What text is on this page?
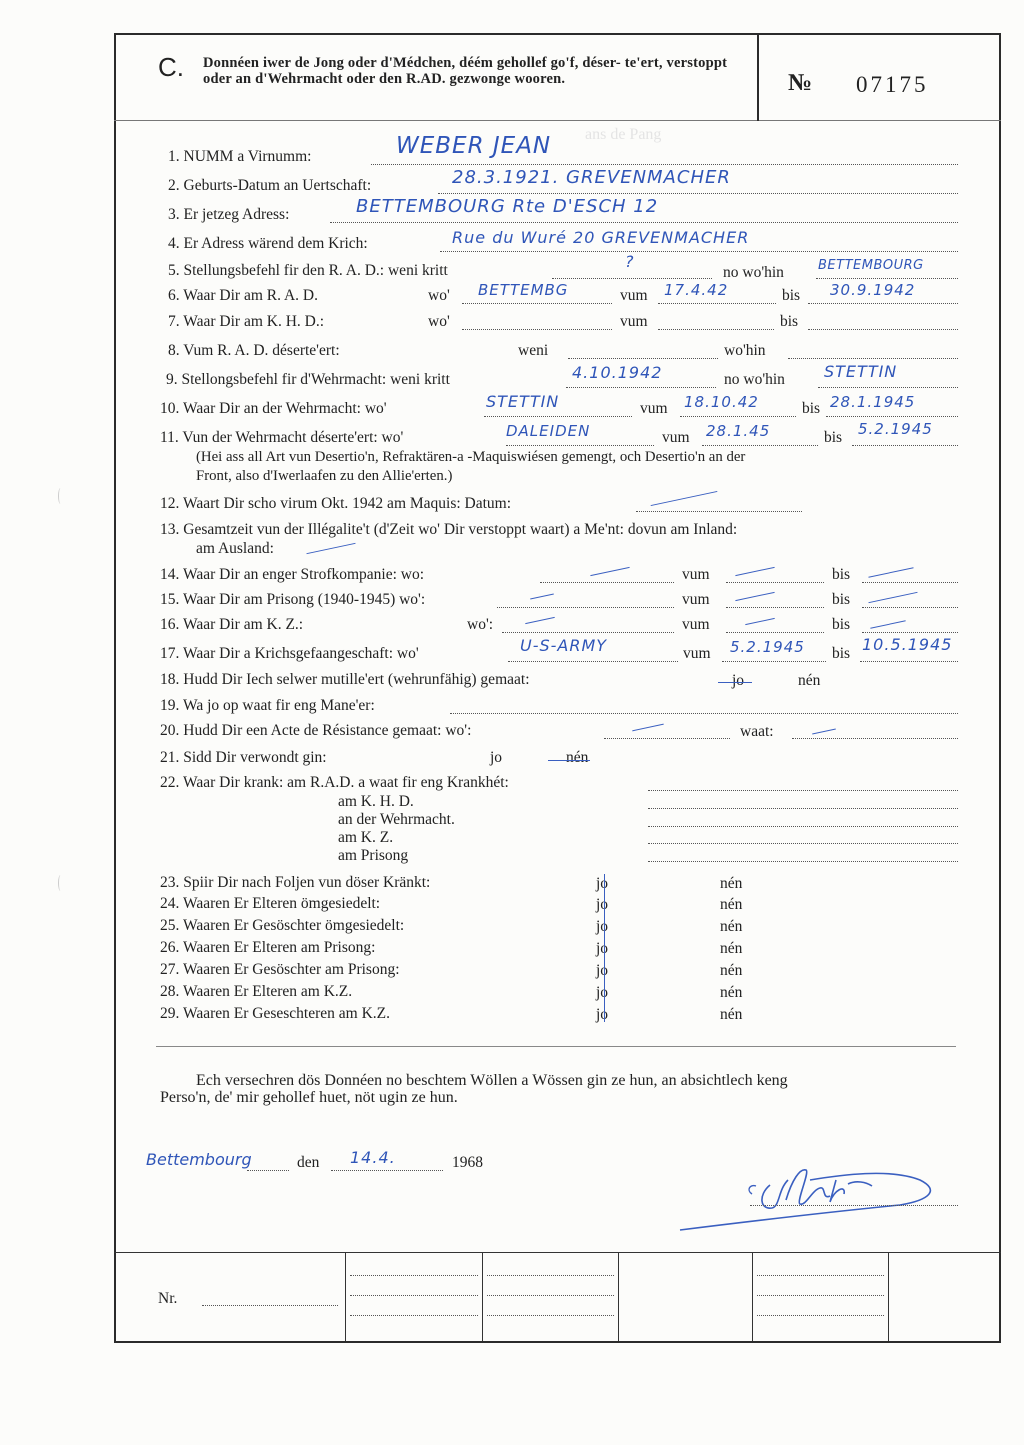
C. Donnéen iwer de Jong oder d'Médchen, déém gehollef go'f, déser- te'ert, verstoppt oder an d'Wehrmacht oder den R.AD. gezwonge wooren.	№ 07175
ans de Pang
1. NUMM a Virnumm:	WEBER JEAN
2. Geburts-Datum an Uertschaft:	28.3.1921. GREVENMACHER
3. Er jetzeg Adress:	BETTEMBOURG Rte D'ESCH 12
4. Er Adress wärend dem Krich:	Rue du Wuré 20 GREVENMACHER
5. Stellungsbefehl fir den R. A. D.: weni kritt	?
no wo'hin	BETTEMBOURG
6. Waar Dir am R. A. D.	wo' BETTEMBG	vum 17.4.42	bis 30.9.1942
7. Waar Dir am K. H. D.:	wo'	vum	bis
8. Vum R. A. D. déserte'ert:	weni	wo'hin
9. Stellongsbefehl fir d'Wehrmacht: weni kritt	4.10.1942	no wo'hin STETTIN
10. Waar Dir an der Wehrmacht: wo'	STETTIN	vum 18.10.42	bis 28.1.1945
11. Vun der Wehrmacht déserte'ert: wo'	DALEIDEN	vum 28.1.45	bis 5.2.1945
(Hei ass all Art vun Desertio'n, Refraktären-a -Maquiswiésen gemengt, och Desertio'n an der
Front, also d'Iwerlaafen zu den Allie'erten.)
12. Waart Dir scho virum Okt. 1942 am Maquis: Datum:
13. Gesamtzeit vun der Illégalite't (d'Zeit wo' Dir verstoppt waart) a Me'nt: dovun am Inland:
am Ausland:
14. Waar Dir an enger Strofkompanie: wo:	vum	bis
15. Waar Dir am Prisong (1940-1945) wo':	vum	bis
16. Waar Dir am K. Z.:	wo':	vum	bis
17. Waar Dir a Krichsgefaangeschaft: wo'	U-S-ARMY	vum 5.2.1945 bis 10.5.1945
18. Hudd Dir Iech selwer mutille'ert (wehrunfähig) gemaat:	jo	nén
19. Wa jo op waat fir eng Mane'er:
20. Hudd Dir een Acte de Résistance gemaat: wo':	waat:
21. Sidd Dir verwondt gin:	jo	nén
22. Waar Dir krank: am R.A.D. a waat fir eng Krankhét:
am K. H. D.
an der Wehrmacht.
am K. Z.
am Prisong
23. Spiir Dir nach Foljen vun döser Kränkt:	jo	nén
24. Waaren Er Elteren ömgesiedelt:	jo	nén
25. Waaren Er Gesöschter ömgesiedelt:	jo	nén
26. Waaren Er Elteren am Prisong:	jo	nén
27. Waaren Er Gesöschter am Prisong:	jo	nén
28. Waaren Er Elteren am K.Z.	jo	nén
29. Waaren Er Geseschteren am K.Z.	jo	nén
Ech versechren dös Donnéen no beschtem Wöllen a Wössen gin ze hun, an absichtlech keng
Perso'n, de' mir gehollef huet, nöt ugin ze hun.
Bettembourg	den 14.4.	1968
Nr.
